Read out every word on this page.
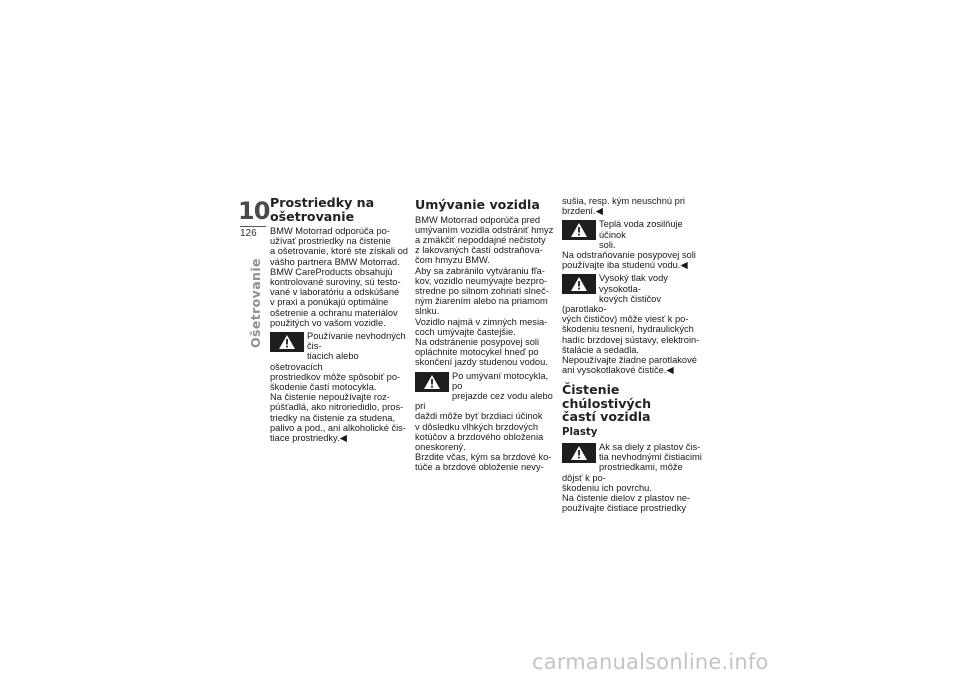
10
126
Ošetrovanie
Prostriedky na
ošetrovanie

BMW Motorrad odporúča po-
užívať prostriedky na čistenie
a ošetrovanie, ktoré ste získali od
vášho partnera BMW Motorrad.
BMW CareProducts obsahujú
kontrolované suroviny, sú testo-
vané v laboratóriu a odskúšané
v praxi a ponúkajú optimálne
ošetrenie a ochranu materiálov
použitých vo vašom vozidle.

Používanie nevhodných čis-
tiacich alebo ošetrovacích
prostriedkov môže spôsobiť po-
škodenie častí motocykla.
Na čistenie nepoužívajte roz-
púšťadlá, ako nitroriedidlo, pros-
triedky na čistenie za studena,
palivo a pod., ani alkoholické čis-
tiace prostriedky.◀

Umývanie vozidla

BMW Motorrad odporúča pred
umývaním vozidla odstrániť hmyz
a zmäkčiť nepoddajné nečistoty
z lakovaných častí odstraňova-
čom hmyzu BMW.
Aby sa zabránilo vytváraniu fľa-
kov, vozidlo neumývajte bezpro-
stredne po silnom zohriatí slneč-
ným žiarením alebo na priamom
slnku.
Vozidlo najmä v zimných mesia-
coch umývajte častejšie.
Na odstránenie posypovej soli
opláchnite motocykel hneď po
skončení jazdy studenou vodou.

Po umývaní motocykla, po
prejazde cez vodu alebo pri
daždi môže byť brzdiaci účinok
v dôsledku vlhkých brzdových
kotúčov a brzdového obloženia
oneskorený.
Brzdite včas, kým sa brzdové ko-
túče a brzdové obloženie nevy-

sušia, resp. kým neuschnú pri
brzdení.◀

Teplá voda zosilňuje účinok
soli.
Na odstraňovanie posypovej soli
používajte iba studenú vodu.◀

Vysoký tlak vody vysokotla-
kových čističov (parotlako-
vých čističov) môže viesť k po-
škodeniu tesnení, hydraulických
hadíc brzdovej sústavy, elektroin-
štalácie a sedadla.
Nepoužívajte žiadne parotlakové
ani vysokotlakové čističe.◀

Čistenie chúlostivých
častí vozidla
Plasty

Ak sa diely z plastov čis-
tia nevhodnými čistiacimi
prostriedkami, môže dôjsť k po-
škodeniu ich povrchu.
Na čistenie dielov z plastov ne-
používajte čistiace prostriedky

carmanualsonline.info
